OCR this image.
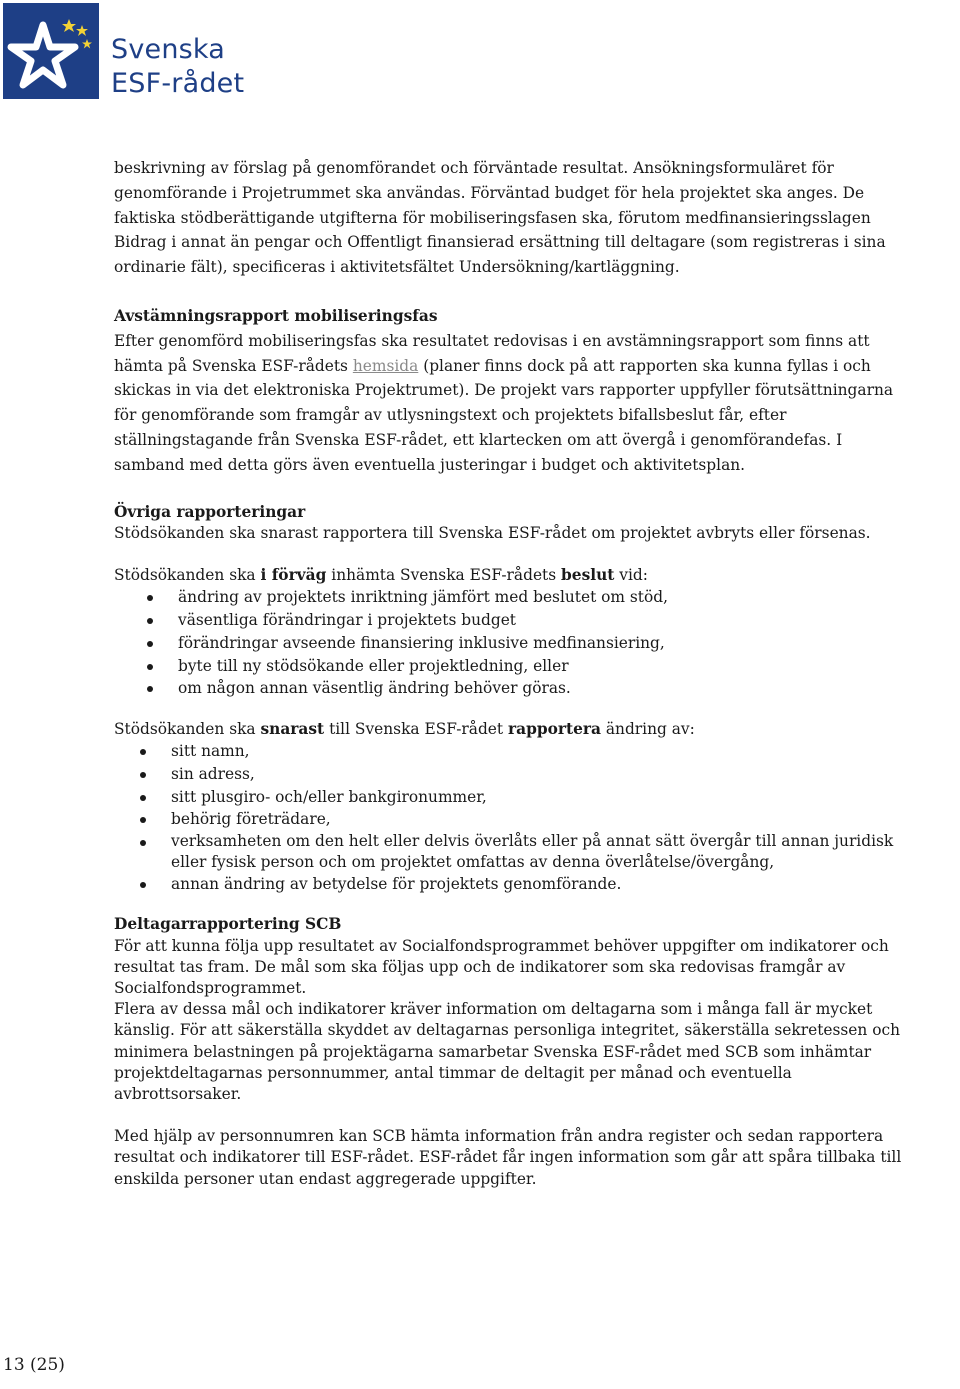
Svenska
ESF-rådet

beskrivning av förslag på genomförandet och förväntade resultat. Ansökningsformuläret för genomförande i Projetrummet ska användas. Förväntad budget för hela projektet ska anges. De faktiska stödberättigande utgifterna för mobiliseringsfasen ska, förutom medfinansieringsslagen Bidrag i annat än pengar och Offentligt finansierad ersättning till deltagare (som registreras i sina ordinarie fält), specificeras i aktivitetsfältet Undersökning/kartläggning.

Avstämningsrapport mobiliseringsfas

Efter genomförd mobiliseringsfas ska resultatet redovisas i en avstämningsrapport som finns att hämta på Svenska ESF-rådets hemsida (planer finns dock på att rapporten ska kunna fyllas i och skickas in via det elektroniska Projektrumet). De projekt vars rapporter uppfyller förutsättningarna för genomförande som framgår av utlysningstext och projektets bifallsbeslut får, efter ställningstagande från Svenska ESF-rådet, ett klartecken om att övergå i genomförandefas. I samband med detta görs även eventuella justeringar i budget och aktivitetsplan.

Övriga rapporteringar

Stödsökanden ska snarast rapportera till Svenska ESF-rådet om projektet avbryts eller försenas.

Stödsökanden ska i förväg inhämta Svenska ESF-rådets beslut vid:

ändring av projektets inriktning jämfört med beslutet om stöd,
väsentliga förändringar i projektets budget
förändringar avseende finansiering inklusive medfinansiering,
byte till ny stödsökande eller projektledning, eller
om någon annan väsentlig ändring behöver göras.

Stödsökanden ska snarast till Svenska ESF-rådet rapportera ändring av:

sitt namn,
sin adress,
sitt plusgiro- och/eller bankgironummer,
behörig företrädare,
verksamheten om den helt eller delvis överlåts eller på annat sätt övergår till annan juridisk eller fysisk person och om projektet omfattas av denna överlåtelse/övergång,
annan ändring av betydelse för projektets genomförande.

Deltagarrapportering SCB

För att kunna följa upp resultatet av Socialfondsprogrammet behöver uppgifter om indikatorer och resultat tas fram. De mål som ska följas upp och de indikatorer som ska redovisas framgår av Socialfondsprogrammet.

Flera av dessa mål och indikatorer kräver information om deltagarna som i många fall är mycket känslig. För att säkerställa skyddet av deltagarnas personliga integritet, säkerställa sekretessen och minimera belastningen på projektägarna samarbetar Svenska ESF-rådet med SCB som inhämtar projektdeltagarnas personnummer, antal timmar de deltagit per månad och eventuella avbrottsorsaker.

Med hjälp av personnumren kan SCB hämta information från andra register och sedan rapportera resultat och indikatorer till ESF-rådet. ESF-rådet får ingen information som går att spåra tillbaka till enskilda personer utan endast aggregerade uppgifter.

13 (25)
